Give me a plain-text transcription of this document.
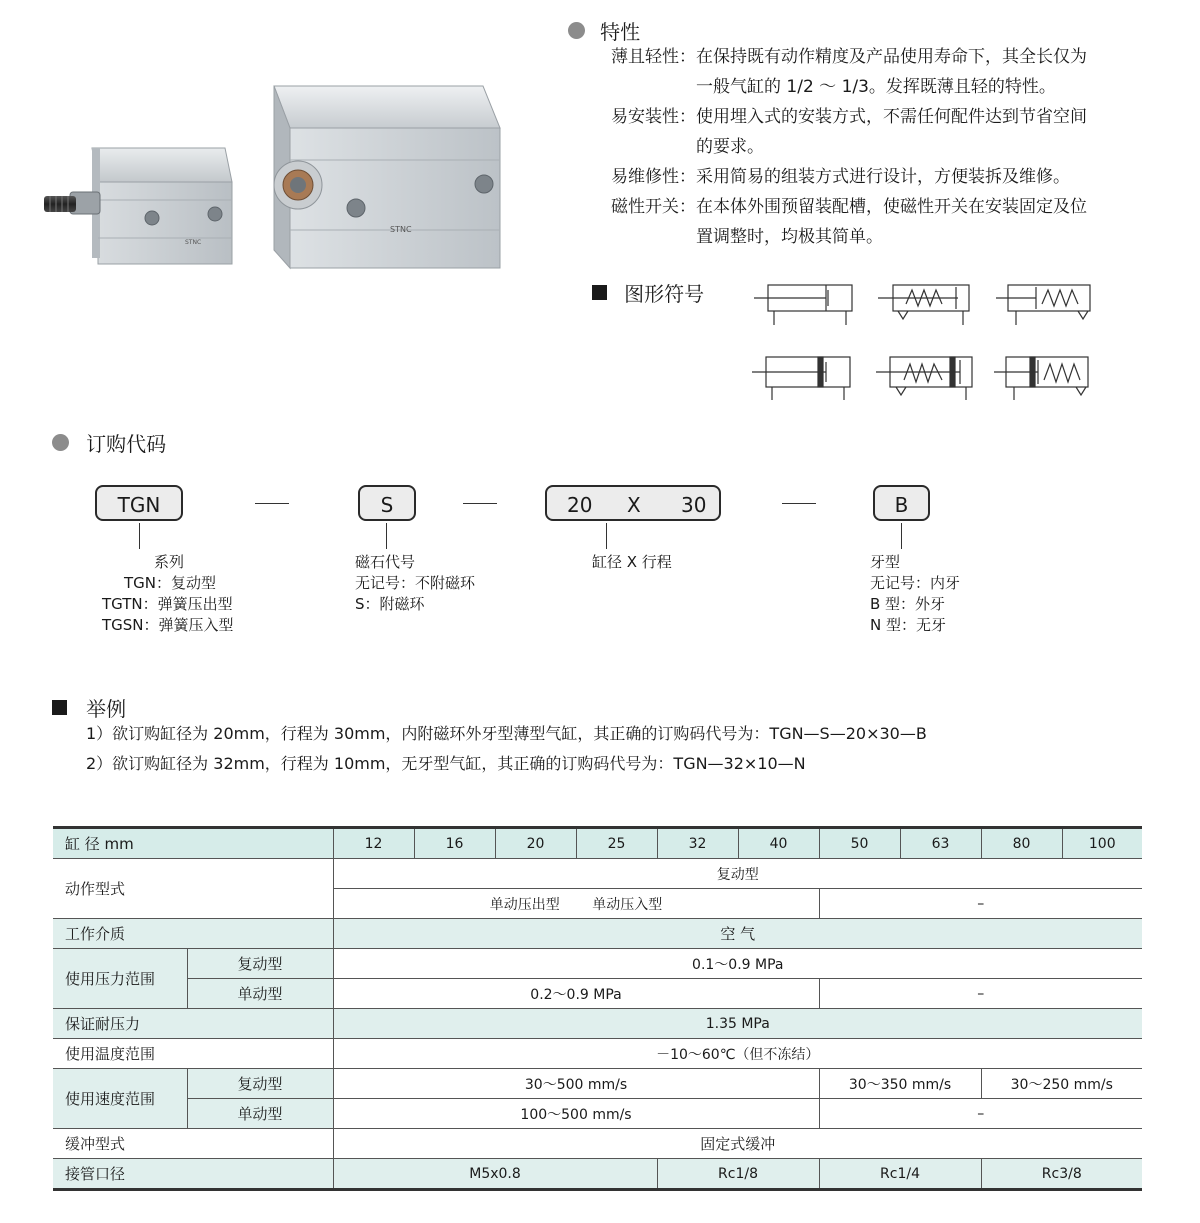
STNC
STNC
特性
薄且轻性： 在保持既有动作精度及产品使用寿命下，其全长仅为
一般气缸的 1/2 ～ 1/3。发挥既薄且轻的特性。
易安装性： 使用埋入式的安装方式，不需任何配件达到节省空间
的要求。
易维修性： 采用简易的组装方式进行设计，方便装拆及维修。
磁性开关： 在本体外围预留装配槽，使磁性开关在安装固定及位
置调整时，均极其简单。
图形符号
订购代码
TGN	S	20 X 30	B
系列
TGN：复动型
TGTN：弹簧压出型
TGSN：弹簧压入型
磁石代号
无记号：不附磁环
S：附磁环
缸径 X 行程	牙型
无记号：内牙
B 型：外牙
N 型：无牙
举例
1）欲订购缸径为 20mm，行程为 30mm，内附磁环外牙型薄型气缸，其正确的订购码代号为：TGN—S—20×30—B
2）欲订购缸径为 32mm，行程为 10mm，无牙型气缸，其正确的订购码代号为：TGN—32×10—N
缸 径 mm		12	16	20	25	32	40	50	63	80	100
动作型式		复动型									
		单动压出型 单动压入型						–			
工作介质		空 气									
使用压力范围	复动型	0.1～0.9 MPa									
	单动型	0.2～0.9 MPa						–			
保证耐压力		1.35 MPa									
使用温度范围		－10～60℃（但不冻结）									
使用速度范围	复动型	30～500 mm/s						30～350 mm/s		30～250 mm/s	
	单动型	100～500 mm/s						–			
缓冲型式		固定式缓冲									
接管口径		M5x0.8				Rc1/8		Rc1/4		Rc3/8	
